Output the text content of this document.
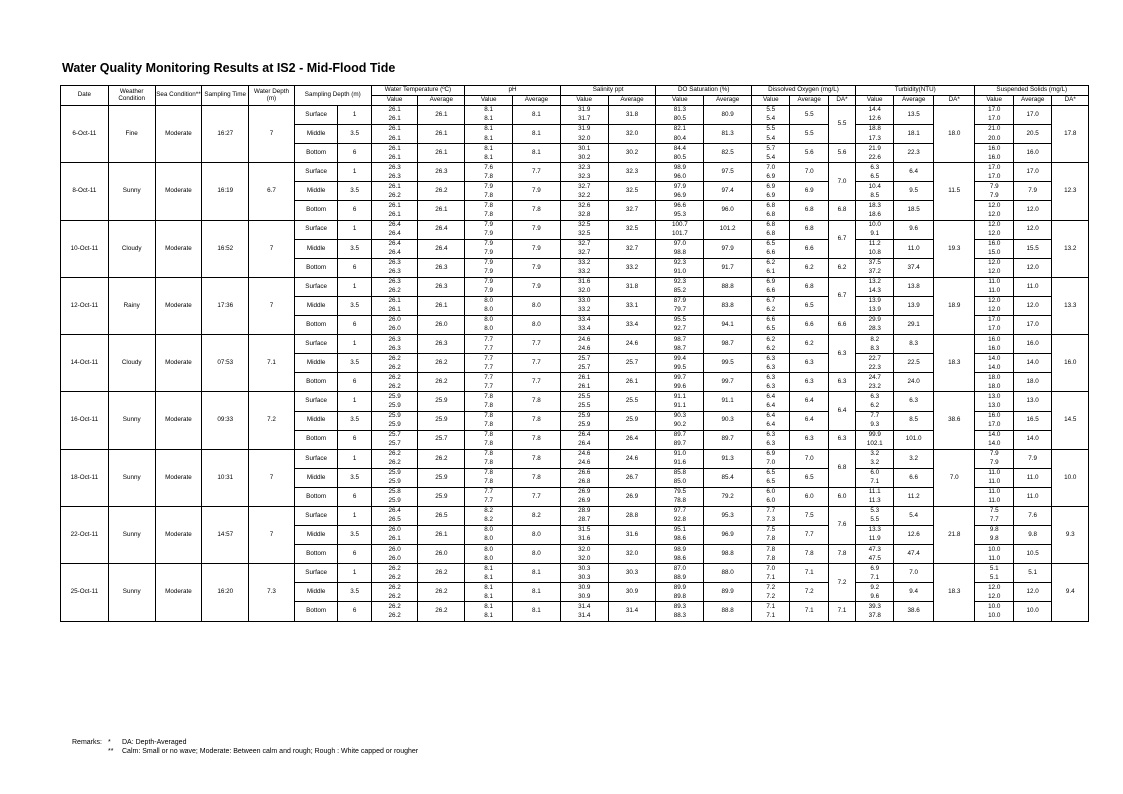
Water Quality Monitoring Results at IS2 - Mid-Flood Tide
Date	Weather Condition	Sea Condition**	Sampling Time	Water Depth (m)	Sampling Depth (m)		Water Temperature (ºC)		pH		Salinity ppt		DO Saturation (%)		Dissolved Oxygen (mg/L)			Turbidity(NTU)			Suspended Solids (mg/L)		
							Value	Average	Value	Average	Value	Average	Value	Average	Value	Average	DA*	Value	Average	DA*	Value	Average	DA*
6-Oct-11	Fine	Moderate	16:27	7	Surface	1	26.1	26.1	8.1	8.1	31.9	31.8	81.3	80.9	5.5	5.5	5.5	14.4	13.5	18.0	17.0	17.0	17.8
							26.1		8.1		31.7		80.5		5.4			12.6			17.0		
					Middle	3.5	26.1	26.1	8.1	8.1	31.9	32.0	82.1	81.3	5.5	5.5		18.8	18.1		21.0	20.5	
							26.1		8.1		32.0		80.4		5.4			17.3			20.0		
					Bottom	6	26.1	26.1	8.1	8.1	30.1	30.2	84.4	82.5	5.7	5.6	5.6	21.9	22.3		16.0	16.0	
							26.1		8.1		30.2		80.5		5.4			22.6			16.0		
8-Oct-11	Sunny	Moderate	16:19	6.7	Surface	1	26.3	26.3	7.6	7.7	32.3	32.3	98.9	97.5	7.0	7.0	7.0	6.3	6.4	11.5	17.0	17.0	12.3
							26.3		7.8		32.3		96.0		6.9			6.5			17.0		
					Middle	3.5	26.1	26.2	7.9	7.9	32.7	32.5	97.9	97.4	6.9	6.9		10.4	9.5		7.9	7.9	
							26.2		7.8		32.2		96.9		6.9			8.5			7.9		
					Bottom	6	26.1	26.1	7.8	7.8	32.6	32.7	96.6	96.0	6.8	6.8	6.8	18.3	18.5		12.0	12.0	
							26.1		7.8		32.8		95.3		6.8			18.6			12.0		
10-Oct-11	Cloudy	Moderate	16:52	7	Surface	1	26.4	26.4	7.9	7.9	32.5	32.5	100.7	101.2	6.8	6.8	6.7	10.0	9.6	19.3	12.0	12.0	13.2
							26.4		7.9		32.5		101.7		6.8			9.1			12.0		
					Middle	3.5	26.4	26.4	7.9	7.9	32.7	32.7	97.0	97.9	6.5	6.6		11.2	11.0		16.0	15.5	
							26.4		7.9		32.7		98.8		6.6			10.8			15.0		
					Bottom	6	26.3	26.3	7.9	7.9	33.2	33.2	92.3	91.7	6.2	6.2	6.2	37.5	37.4		12.0	12.0	
							26.3		7.9		33.2		91.0		6.1			37.2			12.0		
12-Oct-11	Rainy	Moderate	17:36	7	Surface	1	26.3	26.3	7.9	7.9	31.6	31.8	92.3	88.8	6.9	6.8	6.7	13.2	13.8	18.9	11.0	11.0	13.3
							26.2		7.9		32.0		85.2		6.6			14.3			11.0		
					Middle	3.5	26.1	26.1	8.0	8.0	33.0	33.1	87.9	83.8	6.7	6.5		13.9	13.9		12.0	12.0	
							26.1		8.0		33.2		79.7		6.2			13.9			12.0		
					Bottom	6	26.0	26.0	8.0	8.0	33.4	33.4	95.5	94.1	6.6	6.6	6.6	29.9	29.1		17.0	17.0	
							26.0		8.0		33.4		92.7		6.5			28.3			17.0		
14-Oct-11	Cloudy	Moderate	07:53	7.1	Surface	1	26.3	26.3	7.7	7.7	24.6	24.6	98.7	98.7	6.2	6.2	6.3	8.2	8.3	18.3	16.0	16.0	16.0
							26.3		7.7		24.6		98.7		6.2			8.3			16.0		
					Middle	3.5	26.2	26.2	7.7	7.7	25.7	25.7	99.4	99.5	6.3	6.3		22.7	22.5		14.0	14.0	
							26.2		7.7		25.7		99.5		6.3			22.3			14.0		
					Bottom	6	26.2	26.2	7.7	7.7	26.1	26.1	99.7	99.7	6.3	6.3	6.3	24.7	24.0		18.0	18.0	
							26.2		7.7		26.1		99.6		6.3			23.2			18.0		
16-Oct-11	Sunny	Moderate	09:33	7.2	Surface	1	25.9	25.9	7.8	7.8	25.5	25.5	91.1	91.1	6.4	6.4	6.4	6.3	6.3	38.6	13.0	13.0	14.5
							25.9		7.8		25.5		91.1		6.4			6.2			13.0		
					Middle	3.5	25.9	25.9	7.8	7.8	25.9	25.9	90.3	90.3	6.4	6.4		7.7	8.5		16.0	16.5	
							25.9		7.8		25.9		90.2		6.4			9.3			17.0		
					Bottom	6	25.7	25.7	7.8	7.8	26.4	26.4	89.7	89.7	6.3	6.3	6.3	99.9	101.0		14.0	14.0	
							25.7		7.8		26.4		89.7		6.3			102.1			14.0		
18-Oct-11	Sunny	Moderate	10:31	7	Surface	1	26.2	26.2	7.8	7.8	24.6	24.6	91.0	91.3	6.9	7.0	6.8	3.2	3.2	7.0	7.9	7.9	10.0
							26.2		7.8		24.6		91.6		7.0			3.2			7.9		
					Middle	3.5	25.9	25.9	7.8	7.8	26.6	26.7	85.8	85.4	6.5	6.5		6.0	6.6		11.0	11.0	
							25.9		7.8		26.8		85.0		6.5			7.1			11.0		
					Bottom	6	25.8	25.9	7.7	7.7	26.9	26.9	79.5	79.2	6.0	6.0	6.0	11.1	11.2		11.0	11.0	
							25.9		7.7		26.9		78.8		6.0			11.3			11.0		
22-Oct-11	Sunny	Moderate	14:57	7	Surface	1	26.4	26.5	8.2	8.2	28.9	28.8	97.7	95.3	7.7	7.5	7.6	5.3	5.4	21.8	7.5	7.6	9.3
							26.5		8.2		28.7		92.8		7.3			5.5			7.7		
					Middle	3.5	26.0	26.1	8.0	8.0	31.5	31.6	95.1	96.9	7.5	7.7		13.3	12.6		9.8	9.8	
							26.1		8.0		31.6		98.6		7.8			11.9			9.8		
					Bottom	6	26.0	26.0	8.0	8.0	32.0	32.0	98.9	98.8	7.8	7.8	7.8	47.3	47.4		10.0	10.5	
							26.0		8.0		32.0		98.6		7.8			47.5			11.0		
25-Oct-11	Sunny	Moderate	16:20	7.3	Surface	1	26.2	26.2	8.1	8.1	30.3	30.3	87.0	88.0	7.0	7.1	7.2	6.9	7.0	18.3	5.1	5.1	9.4
							26.2		8.1		30.3		88.9		7.1			7.1			5.1		
					Middle	3.5	26.2	26.2	8.1	8.1	30.9	30.9	89.9	89.9	7.2	7.2		9.2	9.4		12.0	12.0	
							26.2		8.1		30.9		89.8		7.2			9.6			12.0		
					Bottom	6	26.2	26.2	8.1	8.1	31.4	31.4	89.3	88.8	7.1	7.1	7.1	39.3	38.6		10.0	10.0	
							26.2		8.1		31.4		88.3		7.1			37.8			10.0		
Remarks: * DA: Depth-Averaged
** Calm: Small or no wave; Moderate: Between calm and rough; Rough : White capped or rougher
